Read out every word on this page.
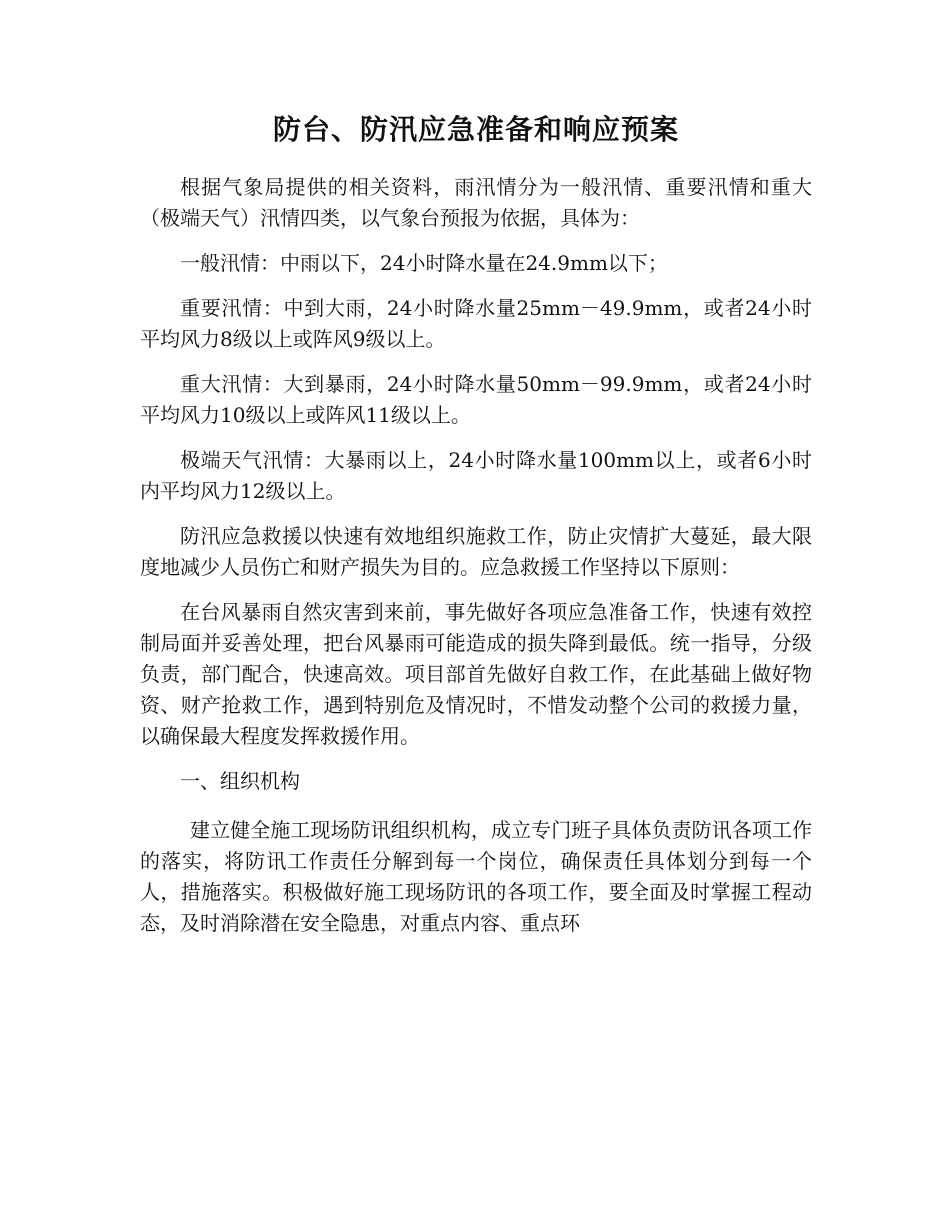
防台、防汛应急准备和响应预案

根据气象局提供的相关资料，雨汛情分为一般汛情、重要汛情和重大（极端天气）汛情四类，以气象台预报为依据，具体为：

一般汛情：中雨以下，24小时降水量在24.9mm以下；

重要汛情：中到大雨，24小时降水量25mm－49.9mm，或者24小时平均风力8级以上或阵风9级以上。

重大汛情：大到暴雨，24小时降水量50mm－99.9mm，或者24小时平均风力10级以上或阵风11级以上。

极端天气汛情：大暴雨以上，24小时降水量100mm以上，或者6小时内平均风力12级以上。

防汛应急救援以快速有效地组织施救工作，防止灾情扩大蔓延，最大限度地减少人员伤亡和财产损失为目的。应急救援工作坚持以下原则：

在台风暴雨自然灾害到来前，事先做好各项应急准备工作，快速有效控制局面并妥善处理，把台风暴雨可能造成的损失降到最低。统一指导，分级负责，部门配合，快速高效。项目部首先做好自救工作，在此基础上做好物资、财产抢救工作，遇到特别危及情况时，不惜发动整个公司的救援力量，以确保最大程度发挥救援作用。

一、组织机构

建立健全施工现场防讯组织机构，成立专门班子具体负责防讯各项工作的落实，将防讯工作责任分解到每一个岗位，确保责任具体划分到每一个人，措施落实。积极做好施工现场防讯的各项工作，要全面及时掌握工程动态，及时消除潜在安全隐患，对重点内容、重点环
